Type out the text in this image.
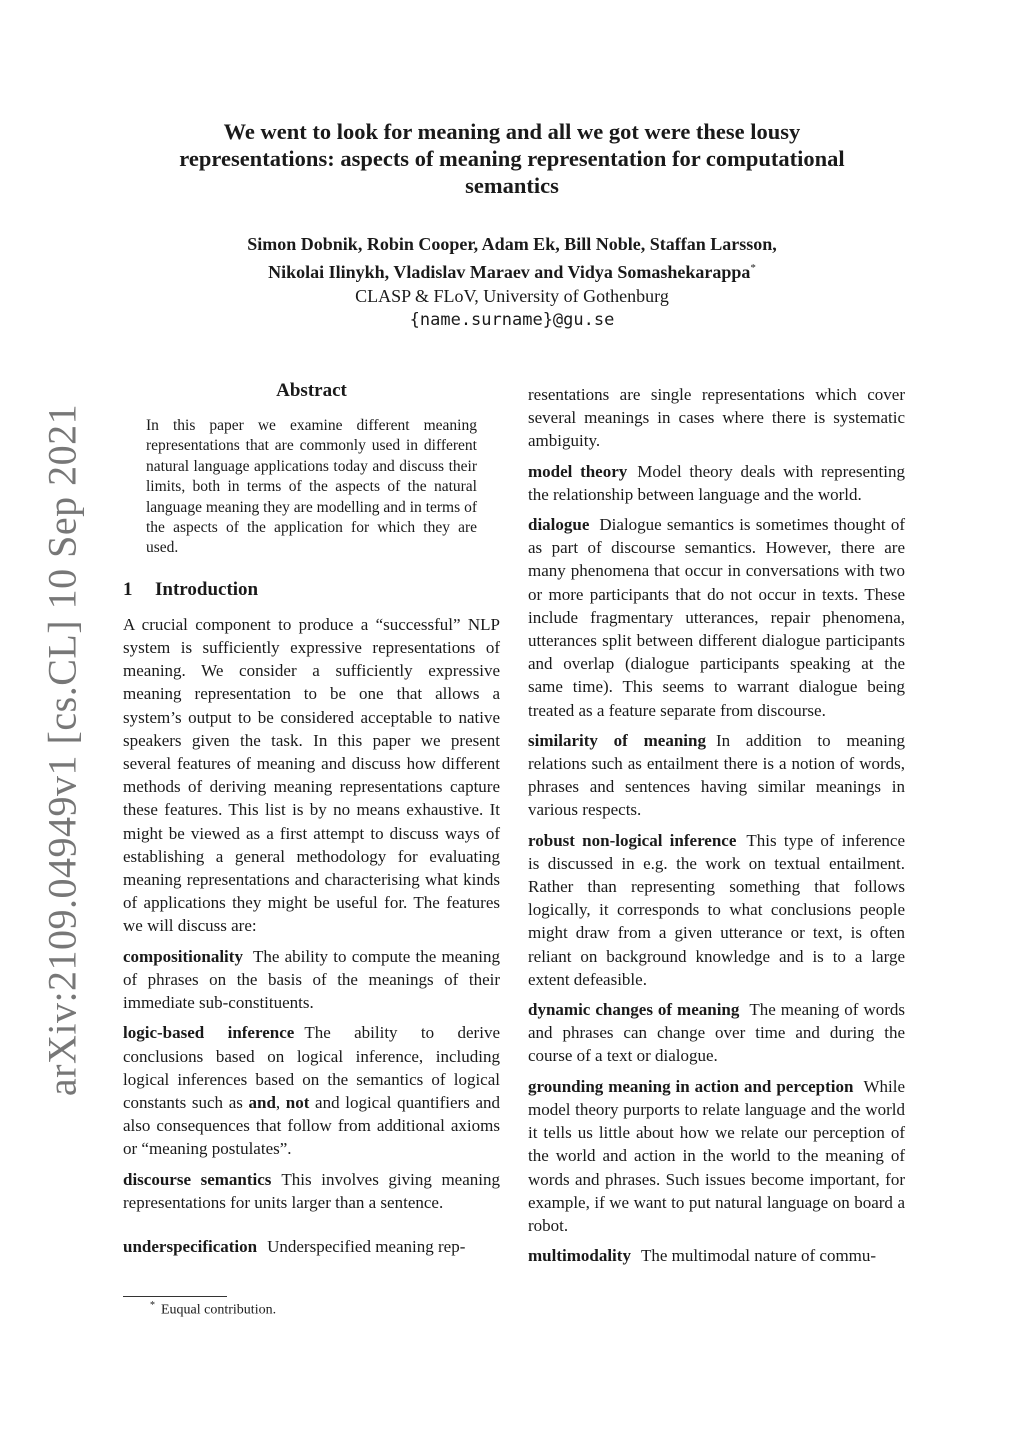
arXiv:2109.04949v1 [cs.CL] 10 Sep 2021
We went to look for meaning and all we got were these lousy
representations: aspects of meaning representation for computational
semantics
Simon Dobnik, Robin Cooper, Adam Ek, Bill Noble, Staffan Larsson,
Nikolai Ilinykh, Vladislav Maraev and Vidya Somashekarappa*
CLASP & FLoV, University of Gothenburg
{name.surname}@gu.se
Abstract

In this paper we examine different meaning representations that are commonly used in different natural language applications today and discuss their limits, both in terms of the aspects of the natural language meaning they are modelling and in terms of the aspects of the application for which they are used.

1 Introduction

A crucial component to produce a “successful” NLP system is sufficiently expressive representations of meaning. We consider a sufficiently expressive meaning representation to be one that allows a system’s output to be considered acceptable to native speakers given the task. In this paper we present several features of meaning and discuss how different methods of deriving meaning representations capture these features. This list is by no means exhaustive. It might be viewed as a first attempt to discuss ways of establishing a general methodology for evaluating meaning representations and characterising what kinds of applications they might be useful for. The features we will discuss are:

compositionality The ability to compute the meaning of phrases on the basis of the meanings of their immediate sub-constituents.

logic-based inference The ability to derive conclusions based on logical inference, including logical inferences based on the semantics of logical constants such as and, not and logical quantifiers and also consequences that follow from additional axioms or “meaning postulates”.

discourse semantics This involves giving meaning representations for units larger than a sentence.

underspecification Underspecified meaning rep-

resentations are single representations which cover several meanings in cases where there is systematic ambiguity.

model theory Model theory deals with representing the relationship between language and the world.

dialogue Dialogue semantics is sometimes thought of as part of discourse semantics. However, there are many phenomena that occur in conversations with two or more participants that do not occur in texts. These include fragmentary utterances, repair phenomena, utterances split between different dialogue participants and overlap (dialogue participants speaking at the same time). This seems to warrant dialogue being treated as a feature separate from discourse.

similarity of meaning In addition to meaning relations such as entailment there is a notion of words, phrases and sentences having similar meanings in various respects.

robust non-logical inference This type of inference is discussed in e.g. the work on textual entailment. Rather than representing something that follows logically, it corresponds to what conclusions people might draw from a given utterance or text, is often reliant on background knowledge and is to a large extent defeasible.

dynamic changes of meaning The meaning of words and phrases can change over time and during the course of a text or dialogue.

grounding meaning in action and perception While model theory purports to relate language and the world it tells us little about how we relate our perception of the world and action in the world to the meaning of words and phrases. Such issues become important, for example, if we want to put natural language on board a robot.

multimodality The multimodal nature of commu-

* Euqual contribution.
